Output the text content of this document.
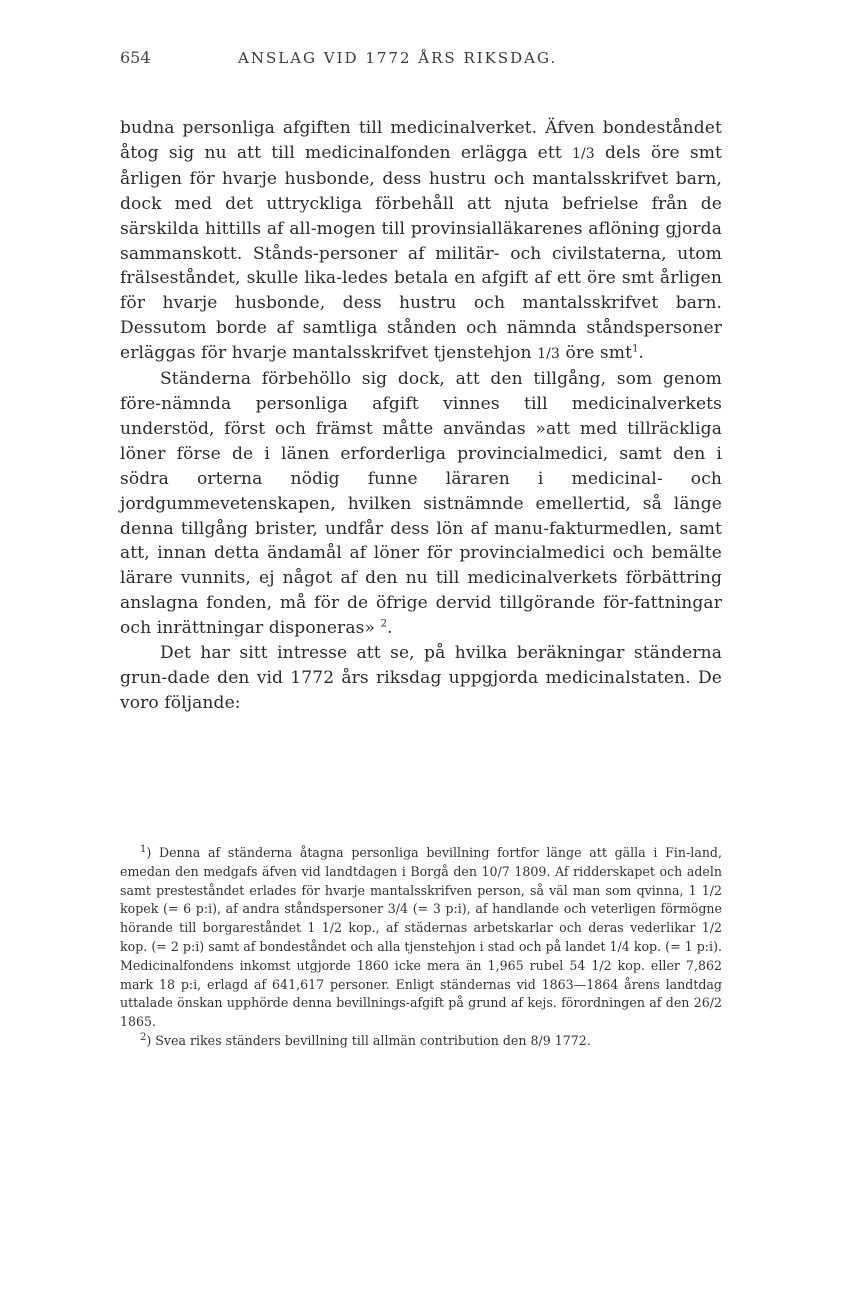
654	ANSLAG VID 1772 ÅRS RIKSDAG.

budna personliga afgiften till medicinalverket. Äfven bondeståndet åtog sig nu att till medicinalfonden erlägga ett 1/3 dels öre smt årligen för hvarje husbonde, dess hustru och mantalsskrifvet barn, dock med det uttryckliga förbehåll att njuta befrielse från de särskilda hittills af all-mogen till provinsialläkarenes aflöning gjorda sammanskott. Stånds-personer af militär- och civilstaterna, utom frälseståndet, skulle lika-ledes betala en afgift af ett öre smt årligen för hvarje husbonde, dess hustru och mantalsskrifvet barn. Dessutom borde af samtliga stånden och nämnda ståndspersoner erläggas för hvarje mantalsskrifvet tjenstehjon 1/3 öre smt$^1$.

Ständerna förbehöllo sig dock, att den tillgång, som genom före-nämnda personliga afgift vinnes till medicinalverkets understöd, först och främst måtte användas »att med tillräckliga löner förse de i länen erforderliga provincialmedici, samt den i södra orterna nödig funne läraren i medicinal- och jordgummevetenskapen, hvilken sistnämnde emellertid, så länge denna tillgång brister, undfår dess lön af manu-fakturmedlen, samt att, innan detta ändamål af löner för provincialmedici och bemälte lärare vunnits, ej något af den nu till medicinalverkets förbättring anslagna fonden, må för de öfrige dervid tillgörande för-fattningar och inrättningar disponeras» $^2$.

Det har sitt intresse att se, på hvilka beräkningar ständerna grun-dade den vid 1772 års riksdag uppgjorda medicinalstaten. De voro följande:

$^1$) Denna af ständerna åtagna personliga bevillning fortfor länge att gälla i Fin-land, emedan den medgafs äfven vid landtdagen i Borgå den 10/7 1809. Af ridderskapet och adeln samt presteståndet erlades för hvarje mantalsskrifven person, så väl man som qvinna, 1 1/2 kopek (= 6 p:i), af andra ståndspersoner 3/4 (= 3 p:i), af handlande och veterligen förmögne hörande till borgareståndet 1 1/2 kop., af städernas arbetskarlar och deras vederlikar 1/2 kop. (= 2 p:i) samt af bondeståndet och alla tjenstehjon i stad och på landet 1/4 kop. (= 1 p:i). Medicinalfondens inkomst utgjorde 1860 icke mera än 1,965 rubel 54 1/2 kop. eller 7,862 mark 18 p:i, erlagd af 641,617 personer. Enligt ständernas vid 1863—1864 årens landtdag uttalade önskan upphörde denna bevillnings-afgift på grund af kejs. förordningen af den 26/2 1865.

$^2$) Svea rikes ständers bevillning till allmän contribution den 8/9 1772.
